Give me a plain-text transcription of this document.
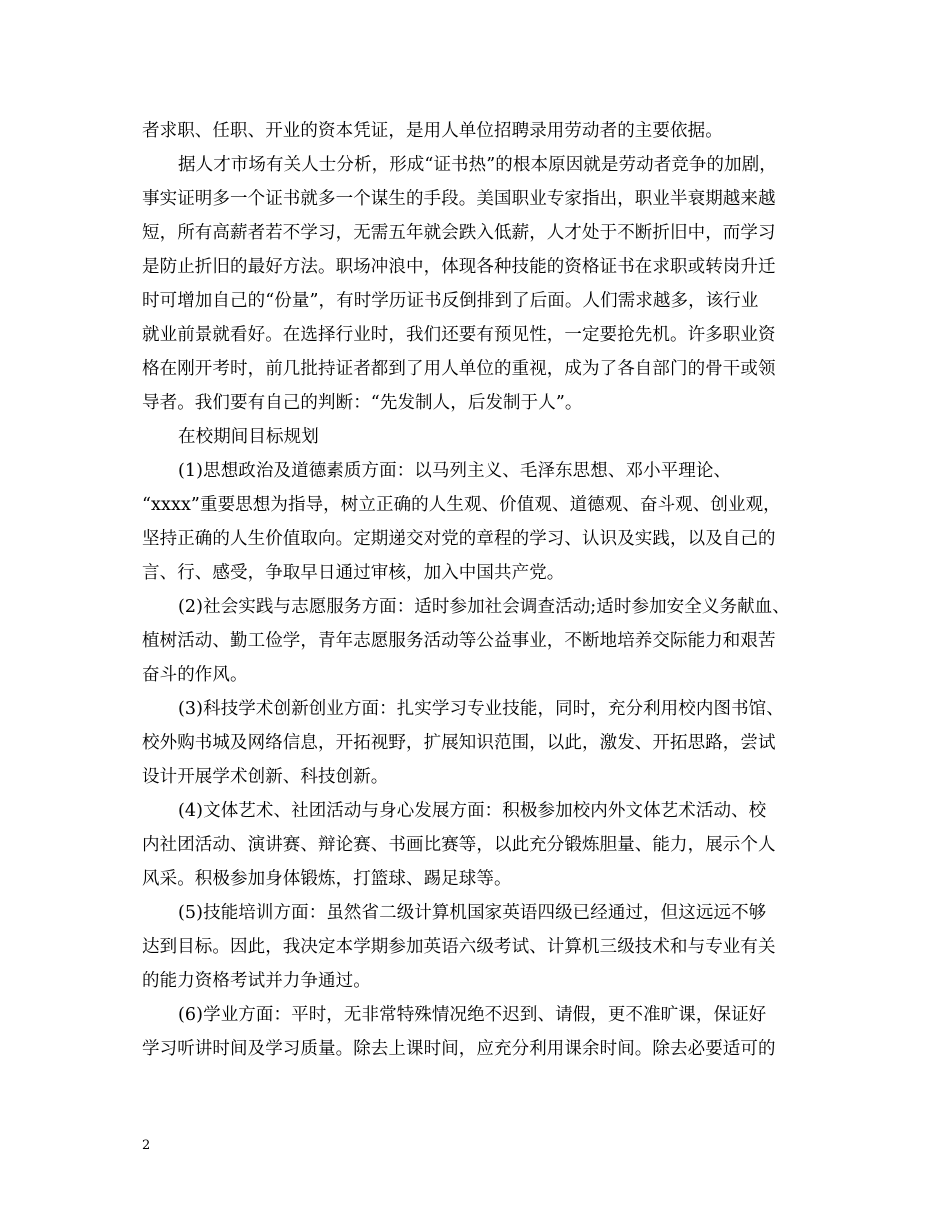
者求职、任职、开业的资本凭证，是用人单位招聘录用劳动者的主要依据。
据人才市场有关人士分析，形成“证书热”的根本原因就是劳动者竞争的加剧，
事实证明多一个证书就多一个谋生的手段。美国职业专家指出，职业半衰期越来越
短，所有高薪者若不学习，无需五年就会跌入低薪，人才处于不断折旧中，而学习
是防止折旧的最好方法。职场冲浪中，体现各种技能的资格证书在求职或转岗升迁
时可增加自己的“份量”，有时学历证书反倒排到了后面。人们需求越多，该行业
就业前景就看好。在选择行业时，我们还要有预见性，一定要抢先机。许多职业资
格在刚开考时，前几批持证者都到了用人单位的重视，成为了各自部门的骨干或领
导者。我们要有自己的判断：“先发制人，后发制于人”。
在校期间目标规划
(1)思想政治及道德素质方面：以马列主义、毛泽东思想、邓小平理论、
“xxxx”重要思想为指导，树立正确的人生观、价值观、道德观、奋斗观、创业观，
坚持正确的人生价值取向。定期递交对党的章程的学习、认识及实践，以及自己的
言、行、感受，争取早日通过审核，加入中国共产党。
(2)社会实践与志愿服务方面：适时参加社会调查活动;适时参加安全义务献血、
植树活动、勤工俭学，青年志愿服务活动等公益事业，不断地培养交际能力和艰苦
奋斗的作风。
(3)科技学术创新创业方面：扎实学习专业技能，同时，充分利用校内图书馆、
校外购书城及网络信息，开拓视野，扩展知识范围，以此，激发、开拓思路，尝试
设计开展学术创新、科技创新。
(4)文体艺术、社团活动与身心发展方面：积极参加校内外文体艺术活动、校
内社团活动、演讲赛、辩论赛、书画比赛等，以此充分锻炼胆量、能力，展示个人
风采。积极参加身体锻炼，打篮球、踢足球等。
(5)技能培训方面：虽然省二级计算机国家英语四级已经通过，但这远远不够
达到目标。因此，我决定本学期参加英语六级考试、计算机三级技术和与专业有关
的能力资格考试并力争通过。
(6)学业方面：平时，无非常特殊情况绝不迟到、请假，更不准旷课，保证好
学习听讲时间及学习质量。除去上课时间，应充分利用课余时间。除去必要适可的
2
